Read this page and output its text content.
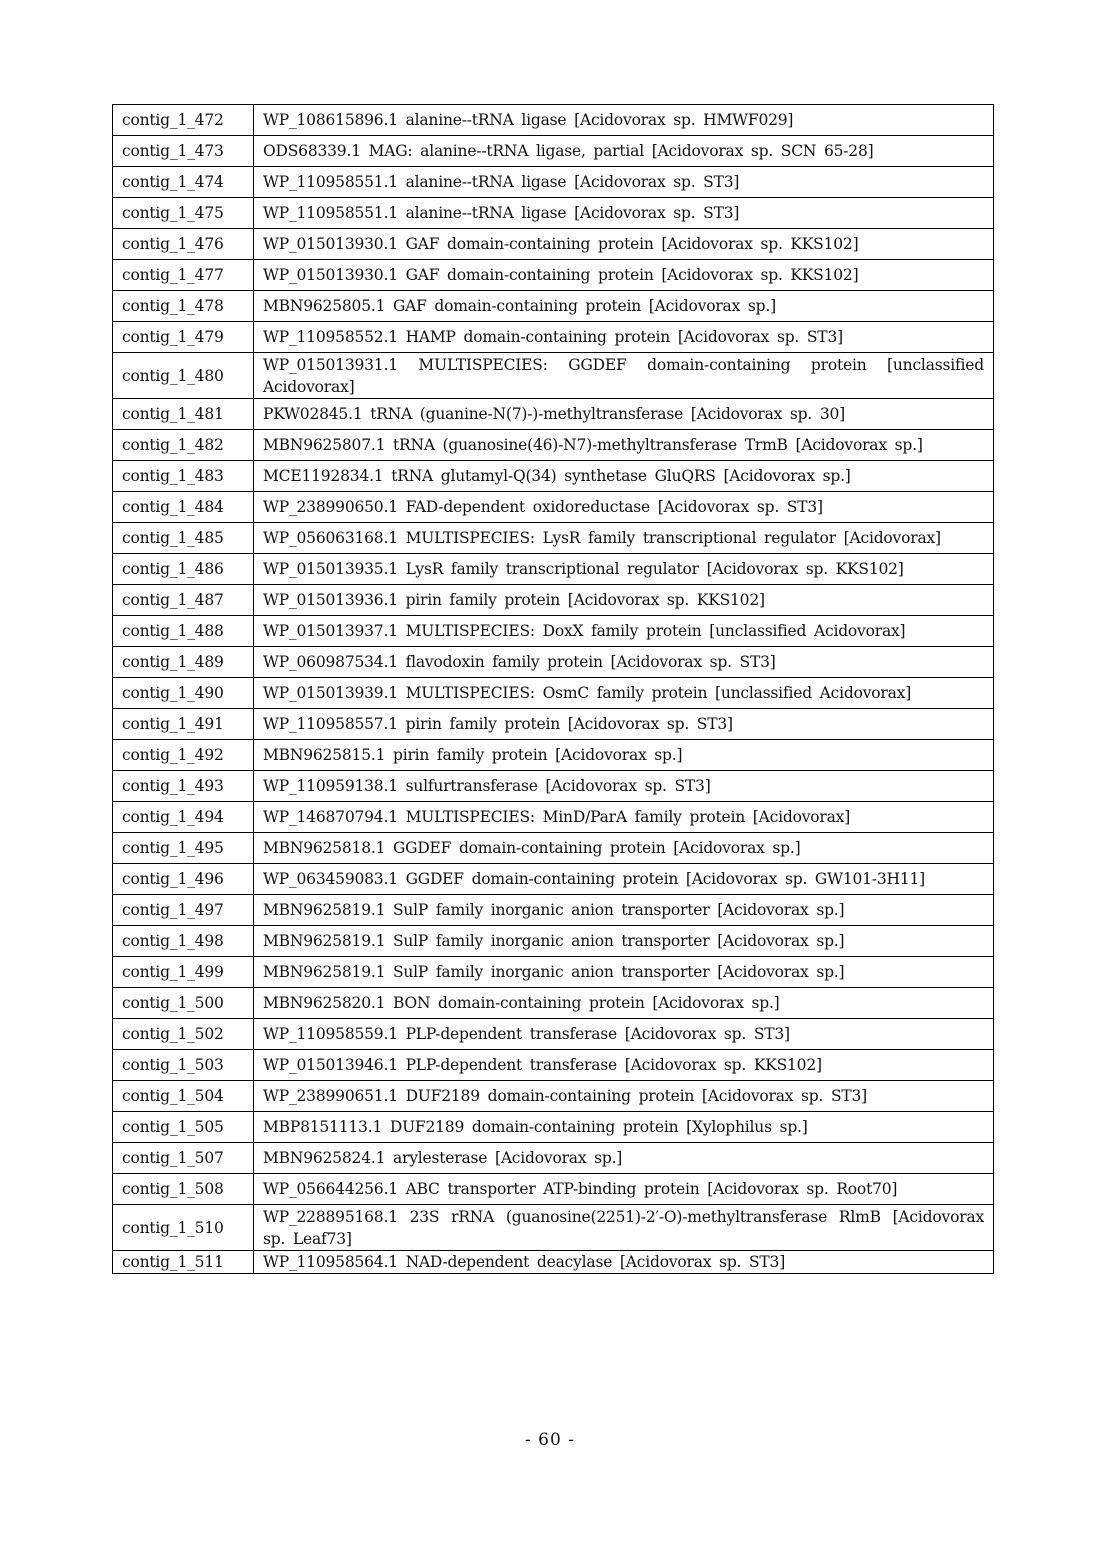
contig_1_472	WP_108615896.1 alanine--tRNA ligase [Acidovorax sp. HMWF029]
contig_1_473	ODS68339.1 MAG: alanine--tRNA ligase, partial [Acidovorax sp. SCN 65-28]
contig_1_474	WP_110958551.1 alanine--tRNA ligase [Acidovorax sp. ST3]
contig_1_475	WP_110958551.1 alanine--tRNA ligase [Acidovorax sp. ST3]
contig_1_476	WP_015013930.1 GAF domain-containing protein [Acidovorax sp. KKS102]
contig_1_477	WP_015013930.1 GAF domain-containing protein [Acidovorax sp. KKS102]
contig_1_478	MBN9625805.1 GAF domain-containing protein [Acidovorax sp.]
contig_1_479	WP_110958552.1 HAMP domain-containing protein [Acidovorax sp. ST3]
contig_1_480	WP_015013931.1 MULTISPECIES: GGDEF domain-containing protein [unclassified Acidovorax]
contig_1_481	PKW02845.1 tRNA (guanine-N(7)-)-methyltransferase [Acidovorax sp. 30]
contig_1_482	MBN9625807.1 tRNA (guanosine(46)-N7)-methyltransferase TrmB [Acidovorax sp.]
contig_1_483	MCE1192834.1 tRNA glutamyl-Q(34) synthetase GluQRS [Acidovorax sp.]
contig_1_484	WP_238990650.1 FAD-dependent oxidoreductase [Acidovorax sp. ST3]
contig_1_485	WP_056063168.1 MULTISPECIES: LysR family transcriptional regulator [Acidovorax]
contig_1_486	WP_015013935.1 LysR family transcriptional regulator [Acidovorax sp. KKS102]
contig_1_487	WP_015013936.1 pirin family protein [Acidovorax sp. KKS102]
contig_1_488	WP_015013937.1 MULTISPECIES: DoxX family protein [unclassified Acidovorax]
contig_1_489	WP_060987534.1 flavodoxin family protein [Acidovorax sp. ST3]
contig_1_490	WP_015013939.1 MULTISPECIES: OsmC family protein [unclassified Acidovorax]
contig_1_491	WP_110958557.1 pirin family protein [Acidovorax sp. ST3]
contig_1_492	MBN9625815.1 pirin family protein [Acidovorax sp.]
contig_1_493	WP_110959138.1 sulfurtransferase [Acidovorax sp. ST3]
contig_1_494	WP_146870794.1 MULTISPECIES: MinD/ParA family protein [Acidovorax]
contig_1_495	MBN9625818.1 GGDEF domain-containing protein [Acidovorax sp.]
contig_1_496	WP_063459083.1 GGDEF domain-containing protein [Acidovorax sp. GW101-3H11]
contig_1_497	MBN9625819.1 SulP family inorganic anion transporter [Acidovorax sp.]
contig_1_498	MBN9625819.1 SulP family inorganic anion transporter [Acidovorax sp.]
contig_1_499	MBN9625819.1 SulP family inorganic anion transporter [Acidovorax sp.]
contig_1_500	MBN9625820.1 BON domain-containing protein [Acidovorax sp.]
contig_1_502	WP_110958559.1 PLP-dependent transferase [Acidovorax sp. ST3]
contig_1_503	WP_015013946.1 PLP-dependent transferase [Acidovorax sp. KKS102]
contig_1_504	WP_238990651.1 DUF2189 domain-containing protein [Acidovorax sp. ST3]
contig_1_505	MBP8151113.1 DUF2189 domain-containing protein [Xylophilus sp.]
contig_1_507	MBN9625824.1 arylesterase [Acidovorax sp.]
contig_1_508	WP_056644256.1 ABC transporter ATP-binding protein [Acidovorax sp. Root70]
contig_1_510	WP_228895168.1 23S rRNA (guanosine(2251)-2′-O)-methyltransferase RlmB [Acidovorax sp. Leaf73]
contig_1_511	WP_110958564.1 NAD-dependent deacylase [Acidovorax sp. ST3]
- 60 -
